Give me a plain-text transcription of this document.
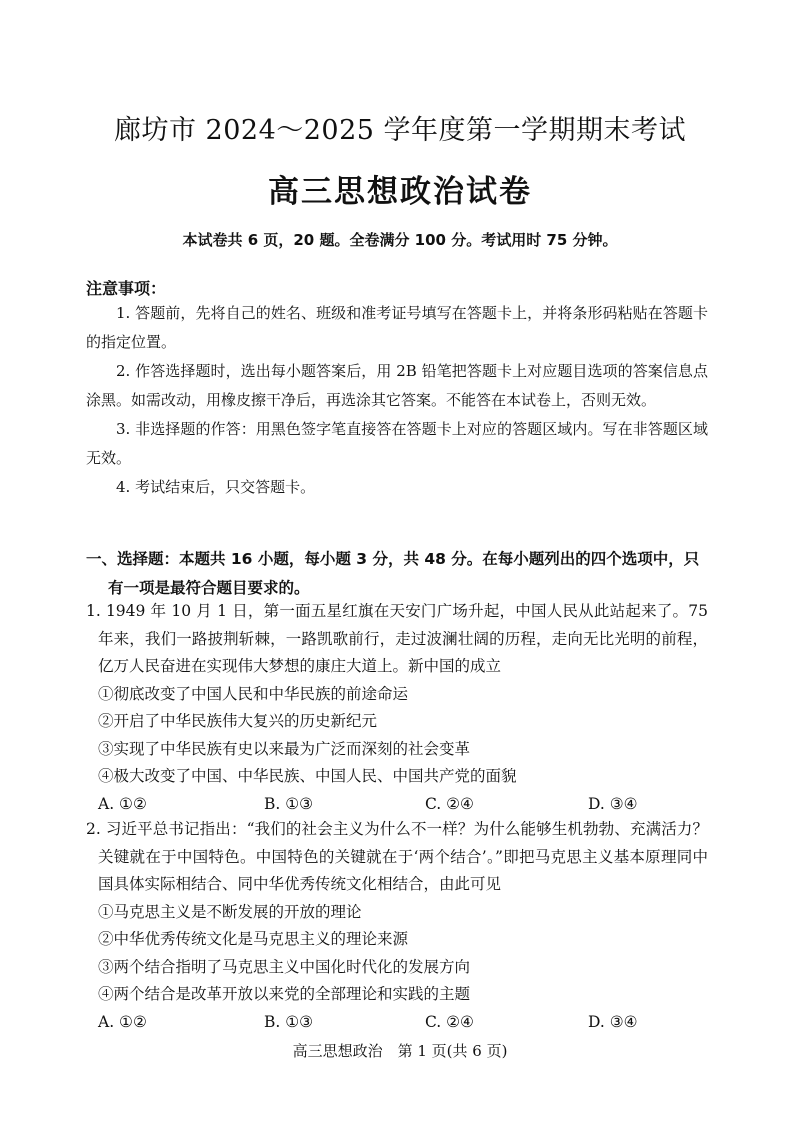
廊坊市 2024～2025 学年度第一学期期末考试
高三思想政治试卷
本试卷共 6 页，20 题。全卷满分 100 分。考试用时 75 分钟。
注意事项：

1. 答题前，先将自己的姓名、班级和准考证号填写在答题卡上，并将条形码粘贴在答题卡的指定位置。

2. 作答选择题时，选出每小题答案后，用 2B 铅笔把答题卡上对应题目选项的答案信息点涂黑。如需改动，用橡皮擦干净后，再选涂其它答案。不能答在本试卷上，否则无效。

3. 非选择题的作答：用黑色签字笔直接答在答题卡上对应的答题区域内。写在非答题区域无效。

4. 考试结束后，只交答题卡。

一、选择题：本题共 16 小题，每小题 3 分，共 48 分。在每小题列出的四个选项中，只有一项是最符合题目要求的。
1. 1949 年 10 月 1 日，第一面五星红旗在天安门广场升起，中国人民从此站起来了。75 年来，我们一路披荆斩棘，一路凯歌前行，走过波澜壮阔的历程，走向无比光明的前程，亿万人民奋进在实现伟大梦想的康庄大道上。新中国的成立
①彻底改变了中国人民和中华民族的前途命运
②开启了中华民族伟大复兴的历史新纪元
③实现了中华民族有史以来最为广泛而深刻的社会变革
④极大改变了中国、中华民族、中国人民、中国共产党的面貌
A. ①②	B. ①③	C. ②④	D. ③④
2. 习近平总书记指出：“我们的社会主义为什么不一样？为什么能够生机勃勃、充满活力？关键就在于中国特色。中国特色的关键就在于‘两个结合’。”即把马克思主义基本原理同中国具体实际相结合、同中华优秀传统文化相结合，由此可见
①马克思主义是不断发展的开放的理论
②中华优秀传统文化是马克思主义的理论来源
③两个结合指明了马克思主义中国化时代化的发展方向
④两个结合是改革开放以来党的全部理论和实践的主题
A. ①②	B. ①③	C. ②④	D. ③④
高三思想政治　第 1 页(共 6 页)
